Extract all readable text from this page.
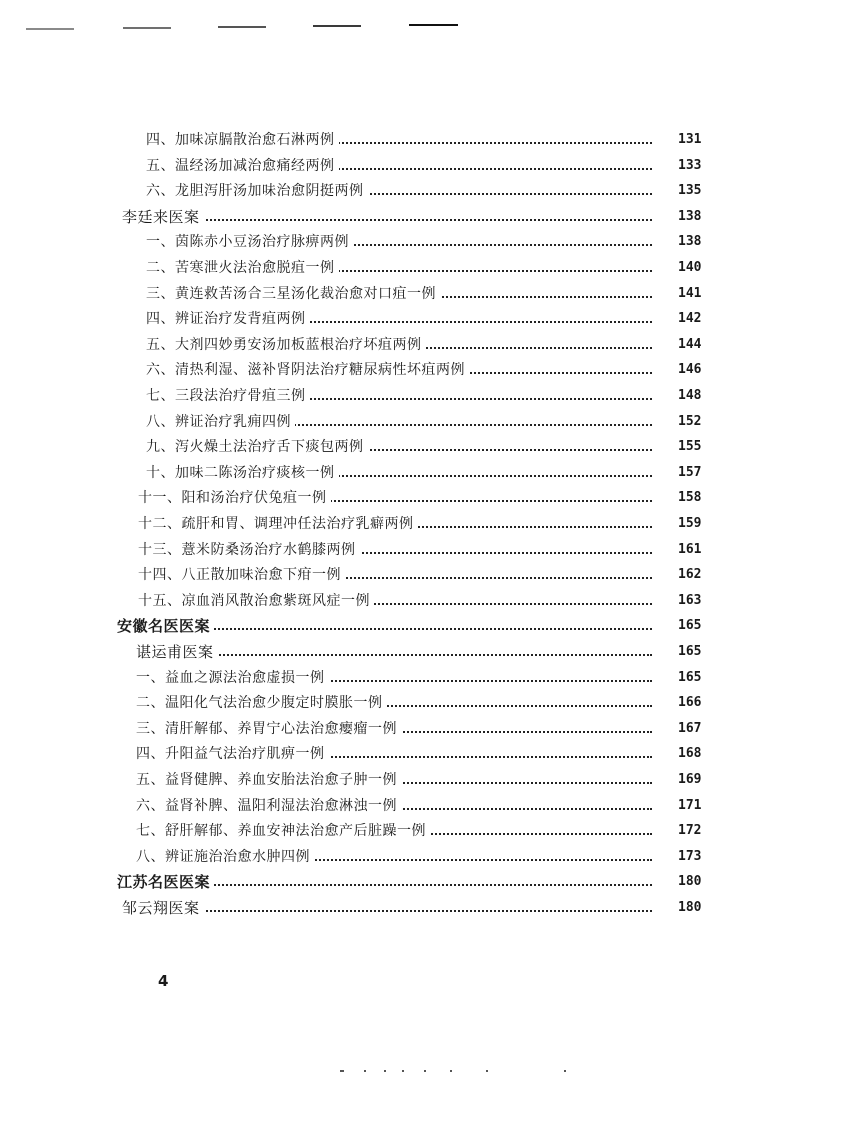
四、加味凉膈散治愈石淋两例	131
五、温经汤加减治愈痛经两例	133
六、龙胆泻肝汤加味治愈阴挺两例	135
李廷来医案	138
一、茵陈赤小豆汤治疗脉痹两例	138
二、苦寒泄火法治愈脱疽一例	140
三、黄连救苦汤合三星汤化裁治愈对口疽一例	141
四、辨证治疗发背疽两例	142
五、大剂四妙勇安汤加板蓝根治疗坏疽两例	144
六、清热利湿、滋补肾阴法治疗糖尿病性坏疽两例	146
七、三段法治疗骨疽三例	148
八、辨证治疗乳痈四例	152
九、泻火燥土法治疗舌下痰包两例	155
十、加味二陈汤治疗痰核一例	157
十一、阳和汤治疗伏兔疽一例	158
十二、疏肝和胃、调理冲任法治疗乳癖两例	159
十三、薏米防桑汤治疗水鹤膝两例	161
十四、八正散加味治愈下疳一例	162
十五、凉血消风散治愈紫斑风症一例	163
安徽名医医案	165
谌运甫医案	165
一、益血之源法治愈虚损一例	165
二、温阳化气法治愈少腹定时膜胀一例	166
三、清肝解郁、养胃宁心法治愈瘿瘤一例	167
四、升阳益气法治疗肌痹一例	168
五、益肾健脾、养血安胎法治愈子肿一例	169
六、益肾补脾、温阳利湿法治愈淋浊一例	171
七、舒肝解郁、养血安神法治愈产后脏躁一例	172
八、辨证施治治愈水肿四例	173
江苏名医医案	180
邹云翔医案	180
4
